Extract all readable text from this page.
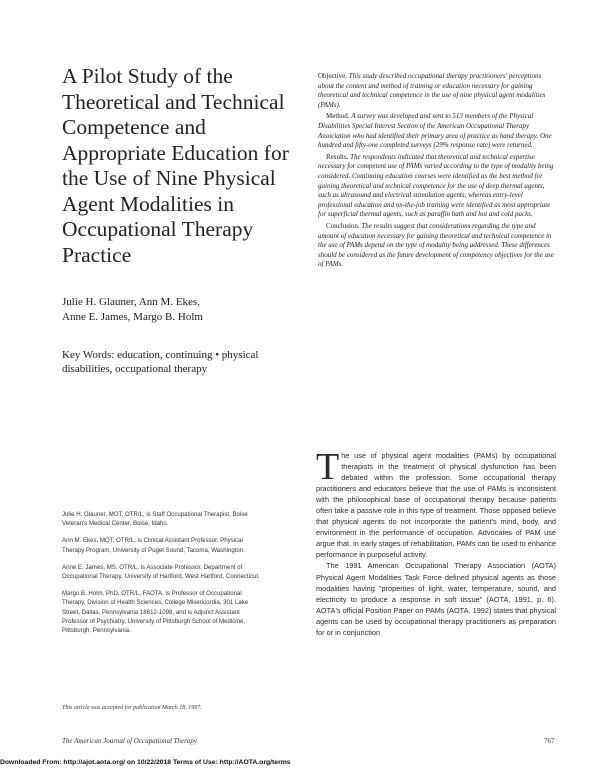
A Pilot Study of the Theoretical and Technical Competence and Appropriate Education for the Use of Nine Physical Agent Modalities in Occupational Therapy Practice
Julie H. Glauner, Ann M. Ekes,
Anne E. James, Margo B. Holm
Key Words: education, continuing • physical disabilities, occupational therapy

Objective. This study described occupational therapy practitioners' perceptions about the content and method of training or education necessary for gaining theoretical and technical competence in the use of nine physical agent modalities (PAMs).

Method. A survey was developed and sent to 513 members of the Physical Disabilities Special Interest Section of the American Occupational Therapy Association who had identified their primary area of practice as hand therapy. One hundred and fifty-one completed surveys (29% response rate) were returned.

Results. The respondents indicated that theoretical and technical expertise necessary for competent use of PAMs varied according to the type of modality being considered. Continuing education courses were identified as the best method for gaining theoretical and technical competence for the use of deep thermal agents, such as ultrasound and electrical stimulation agents, whereas entry-level professional education and on-the-job training were identified as most appropriate for superficial thermal agents, such as paraffin bath and hot and cold packs.

Conclusion. The results suggest that considerations regarding the type and amount of education necessary for gaining theoretical and technical competence in the use of PAMs depend on the type of modality being addressed. These differences should be considered as the future development of competency objectives for the use of PAMs.

Julie H. Glauner, MOT, OTR/L, is Staff Occupational Therapist, Boise Veteran's Medical Center, Boise, Idaho.

Ann M. Ekes, MOT, OTR/L, is Clinical Assistant Professor, Physical Therapy Program, University of Puget Sound, Tacoma, Washington.

Anne E. James, MS, OTR/L, is Associate Professor, Department of Occupational Therapy, University of Hartford, West Hartford, Connecticut.

Margo B. Holm, PhD, OTR/L, FAOTA, is Professor of Occupational Therapy, Division of Health Sciences, College Misericordia, 301 Lake Street, Dallas, Pennsylvania 18612-1098, and is Adjunct Assistant Professor of Psychiatry, University of Pittsburgh School of Medicine, Pittsburgh, Pennsylvania.

This article was accepted for publication March 18, 1997.

The use of physical agent modalities (PAMs) by occupational therapists in the treatment of physical dysfunction has been debated within the profession. Some occupational therapy practitioners and educators believe that the use of PAMs is inconsistent with the philosophical base of occupational therapy because patients often take a passive role in this type of treatment. Those opposed believe that physical agents do not incorporate the patient's mind, body, and environment in the performance of occupation. Advocates of PAM use argue that, in early stages of rehabilitation, PAMs can be used to enhance performance in purposeful activity.

The 1991 American Occupational Therapy Association (AOTA) Physical Agent Modalities Task Force defined physical agents as those modalities having "properties of light, water, temperature, sound, and electricity to produce a response in soft tissue" (AOTA, 1991, p. 6). AOTA's official Position Paper on PAMs (AOTA, 1992) states that physical agents can be used by occupational therapy practitioners as preparation for or in conjunction

The American Journal of Occupational Therapy	767
Downloaded From: http://ajot.aota.org/ on 10/22/2018 Terms of Use: http://AOTA.org/terms
